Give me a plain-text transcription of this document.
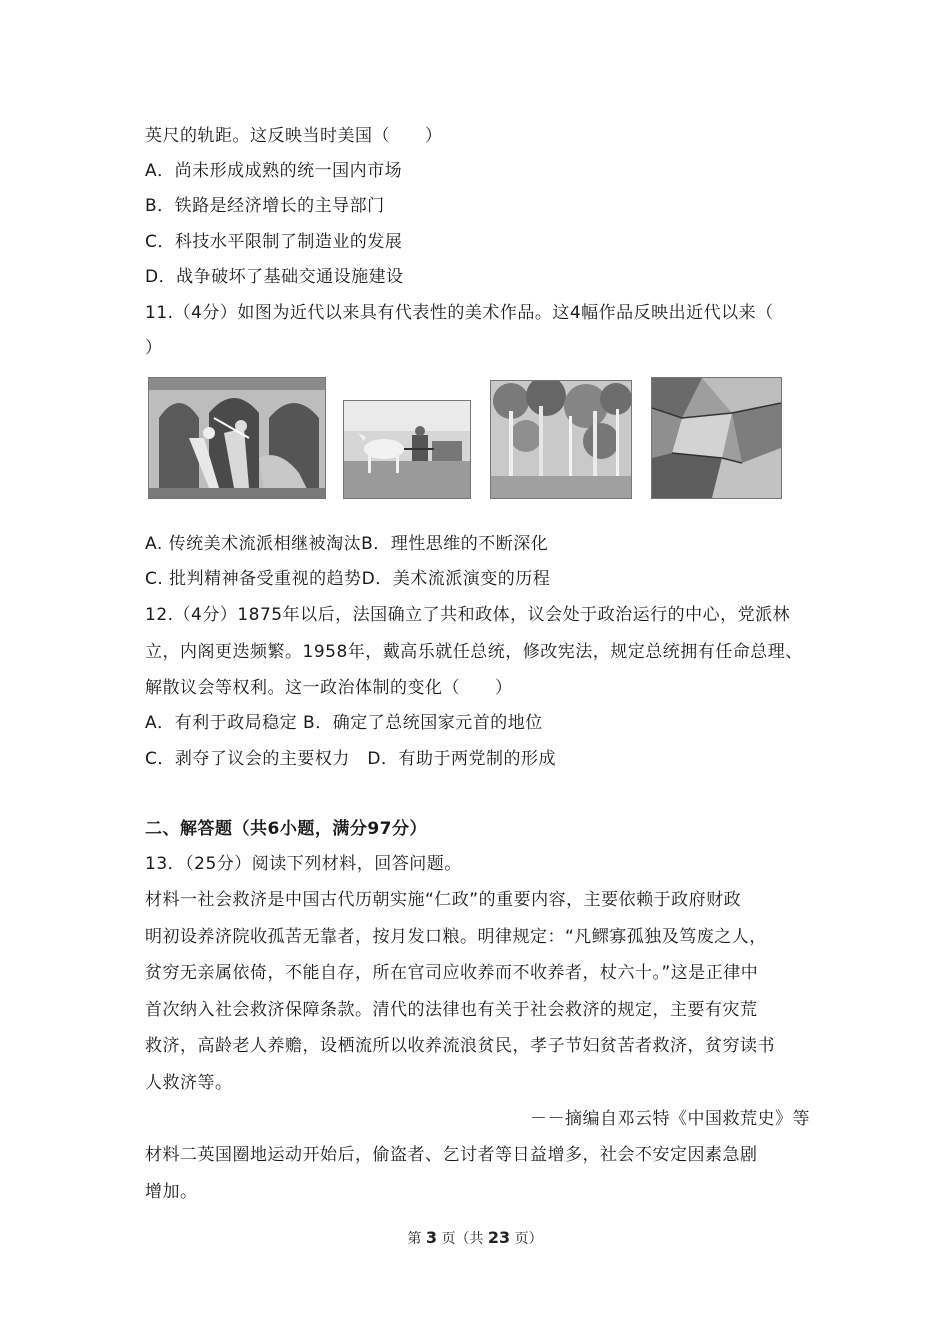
英尺的轨距。这反映当时美国（　　）
A．尚未形成成熟的统一国内市场
B．铁路是经济增长的主导部门
C．科技水平限制了制造业的发展
D．战争破坏了基础交通设施建设
11.（4分）如图为近代以来具有代表性的美术作品。这4幅作品反映出近代以来（
）
A. 传统美术流派相继被淘汰B．理性思维的不断深化
C. 批判精神备受重视的趋势D．美术流派演变的历程
12.（4分）1875年以后，法国确立了共和政体，议会处于政治运行的中心，党派林
立，内阁更迭频繁。1958年，戴高乐就任总统，修改宪法，规定总统拥有任命总理、
解散议会等权利。这一政治体制的变化（　　）
A．有利于政局稳定 B．确定了总统国家元首的地位
C．剥夺了议会的主要权力　D．有助于两党制的形成
二、解答题（共6小题，满分97分）
13．（25分）阅读下列材料，回答问题。
材料一社会救济是中国古代历朝实施“仁政”的重要内容，主要依赖于政府财政
明初设养济院收孤苦无靠者，按月发口粮。明律规定：“凡鳏寡孤独及笃废之人，
贫穷无亲属依倚，不能自存，所在官司应收养而不收养者，杖六十。”这是正律中
首次纳入社会救济保障条款。清代的法律也有关于社会救济的规定，主要有灾荒
救济，高龄老人养赡，设栖流所以收养流浪贫民，孝子节妇贫苦者救济，贫穷读书
人救济等。
－－摘编自邓云特《中国救荒史》等
材料二英国圈地运动开始后，偷盗者、乞讨者等日益增多，社会不安定因素急剧
增加。
第 3 页（共 23 页）
